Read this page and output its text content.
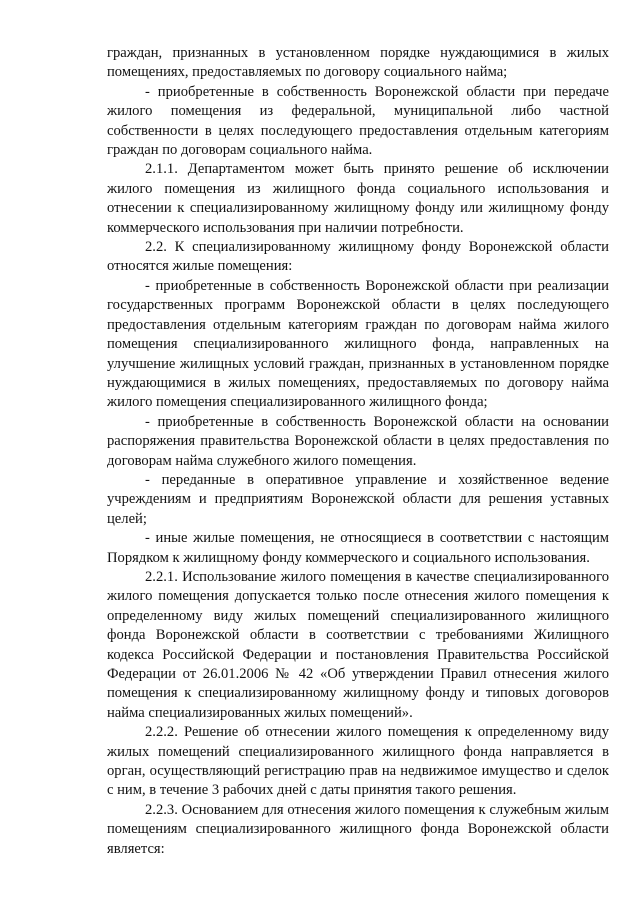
граждан, признанных в установленном порядке нуждающимися в жилых помещениях, предоставляемых по договору социального найма;

- приобретенные в собственность Воронежской области при передаче жилого помещения из федеральной, муниципальной либо частной собственности в целях последующего предоставления отдельным категориям граждан по договорам социального найма.

2.1.1. Департаментом может быть принято решение об исключении жилого помещения из жилищного фонда социального использования и отнесении к специализированному жилищному фонду или жилищному фонду коммерческого использования при наличии потребности.

2.2. К специализированному жилищному фонду Воронежской области относятся жилые помещения:

- приобретенные в собственность Воронежской области при реализации государственных программ Воронежской области в целях последующего предоставления отдельным категориям граждан по договорам найма жилого помещения специализированного жилищного фонда, направленных на улучшение жилищных условий граждан, признанных в установленном порядке нуждающимися в жилых помещениях, предоставляемых по договору найма жилого помещения специализированного жилищного фонда;

- приобретенные в собственность Воронежской области на основании распоряжения правительства Воронежской области в целях предоставления по договорам найма служебного жилого помещения.

- переданные в оперативное управление и хозяйственное ведение учреждениям и предприятиям Воронежской области для решения уставных целей;

- иные жилые помещения, не относящиеся в соответствии с настоящим Порядком к жилищному фонду коммерческого и социального использования.

2.2.1. Использование жилого помещения в качестве специализированного жилого помещения допускается только после отнесения жилого помещения к определенному виду жилых помещений специализированного жилищного фонда Воронежской области в соответствии с требованиями Жилищного кодекса Российской Федерации и постановления Правительства Российской Федерации от 26.01.2006 № 42 «Об утверждении Правил отнесения жилого помещения к специализированному жилищному фонду и типовых договоров найма специализированных жилых помещений».

2.2.2. Решение об отнесении жилого помещения к определенному виду жилых помещений специализированного жилищного фонда направляется в орган, осуществляющий регистрацию прав на недвижимое имущество и сделок с ним, в течение 3 рабочих дней с даты принятия такого решения.

2.2.3. Основанием для отнесения жилого помещения к служебным жилым помещениям специализированного жилищного фонда Воронежской области является:
